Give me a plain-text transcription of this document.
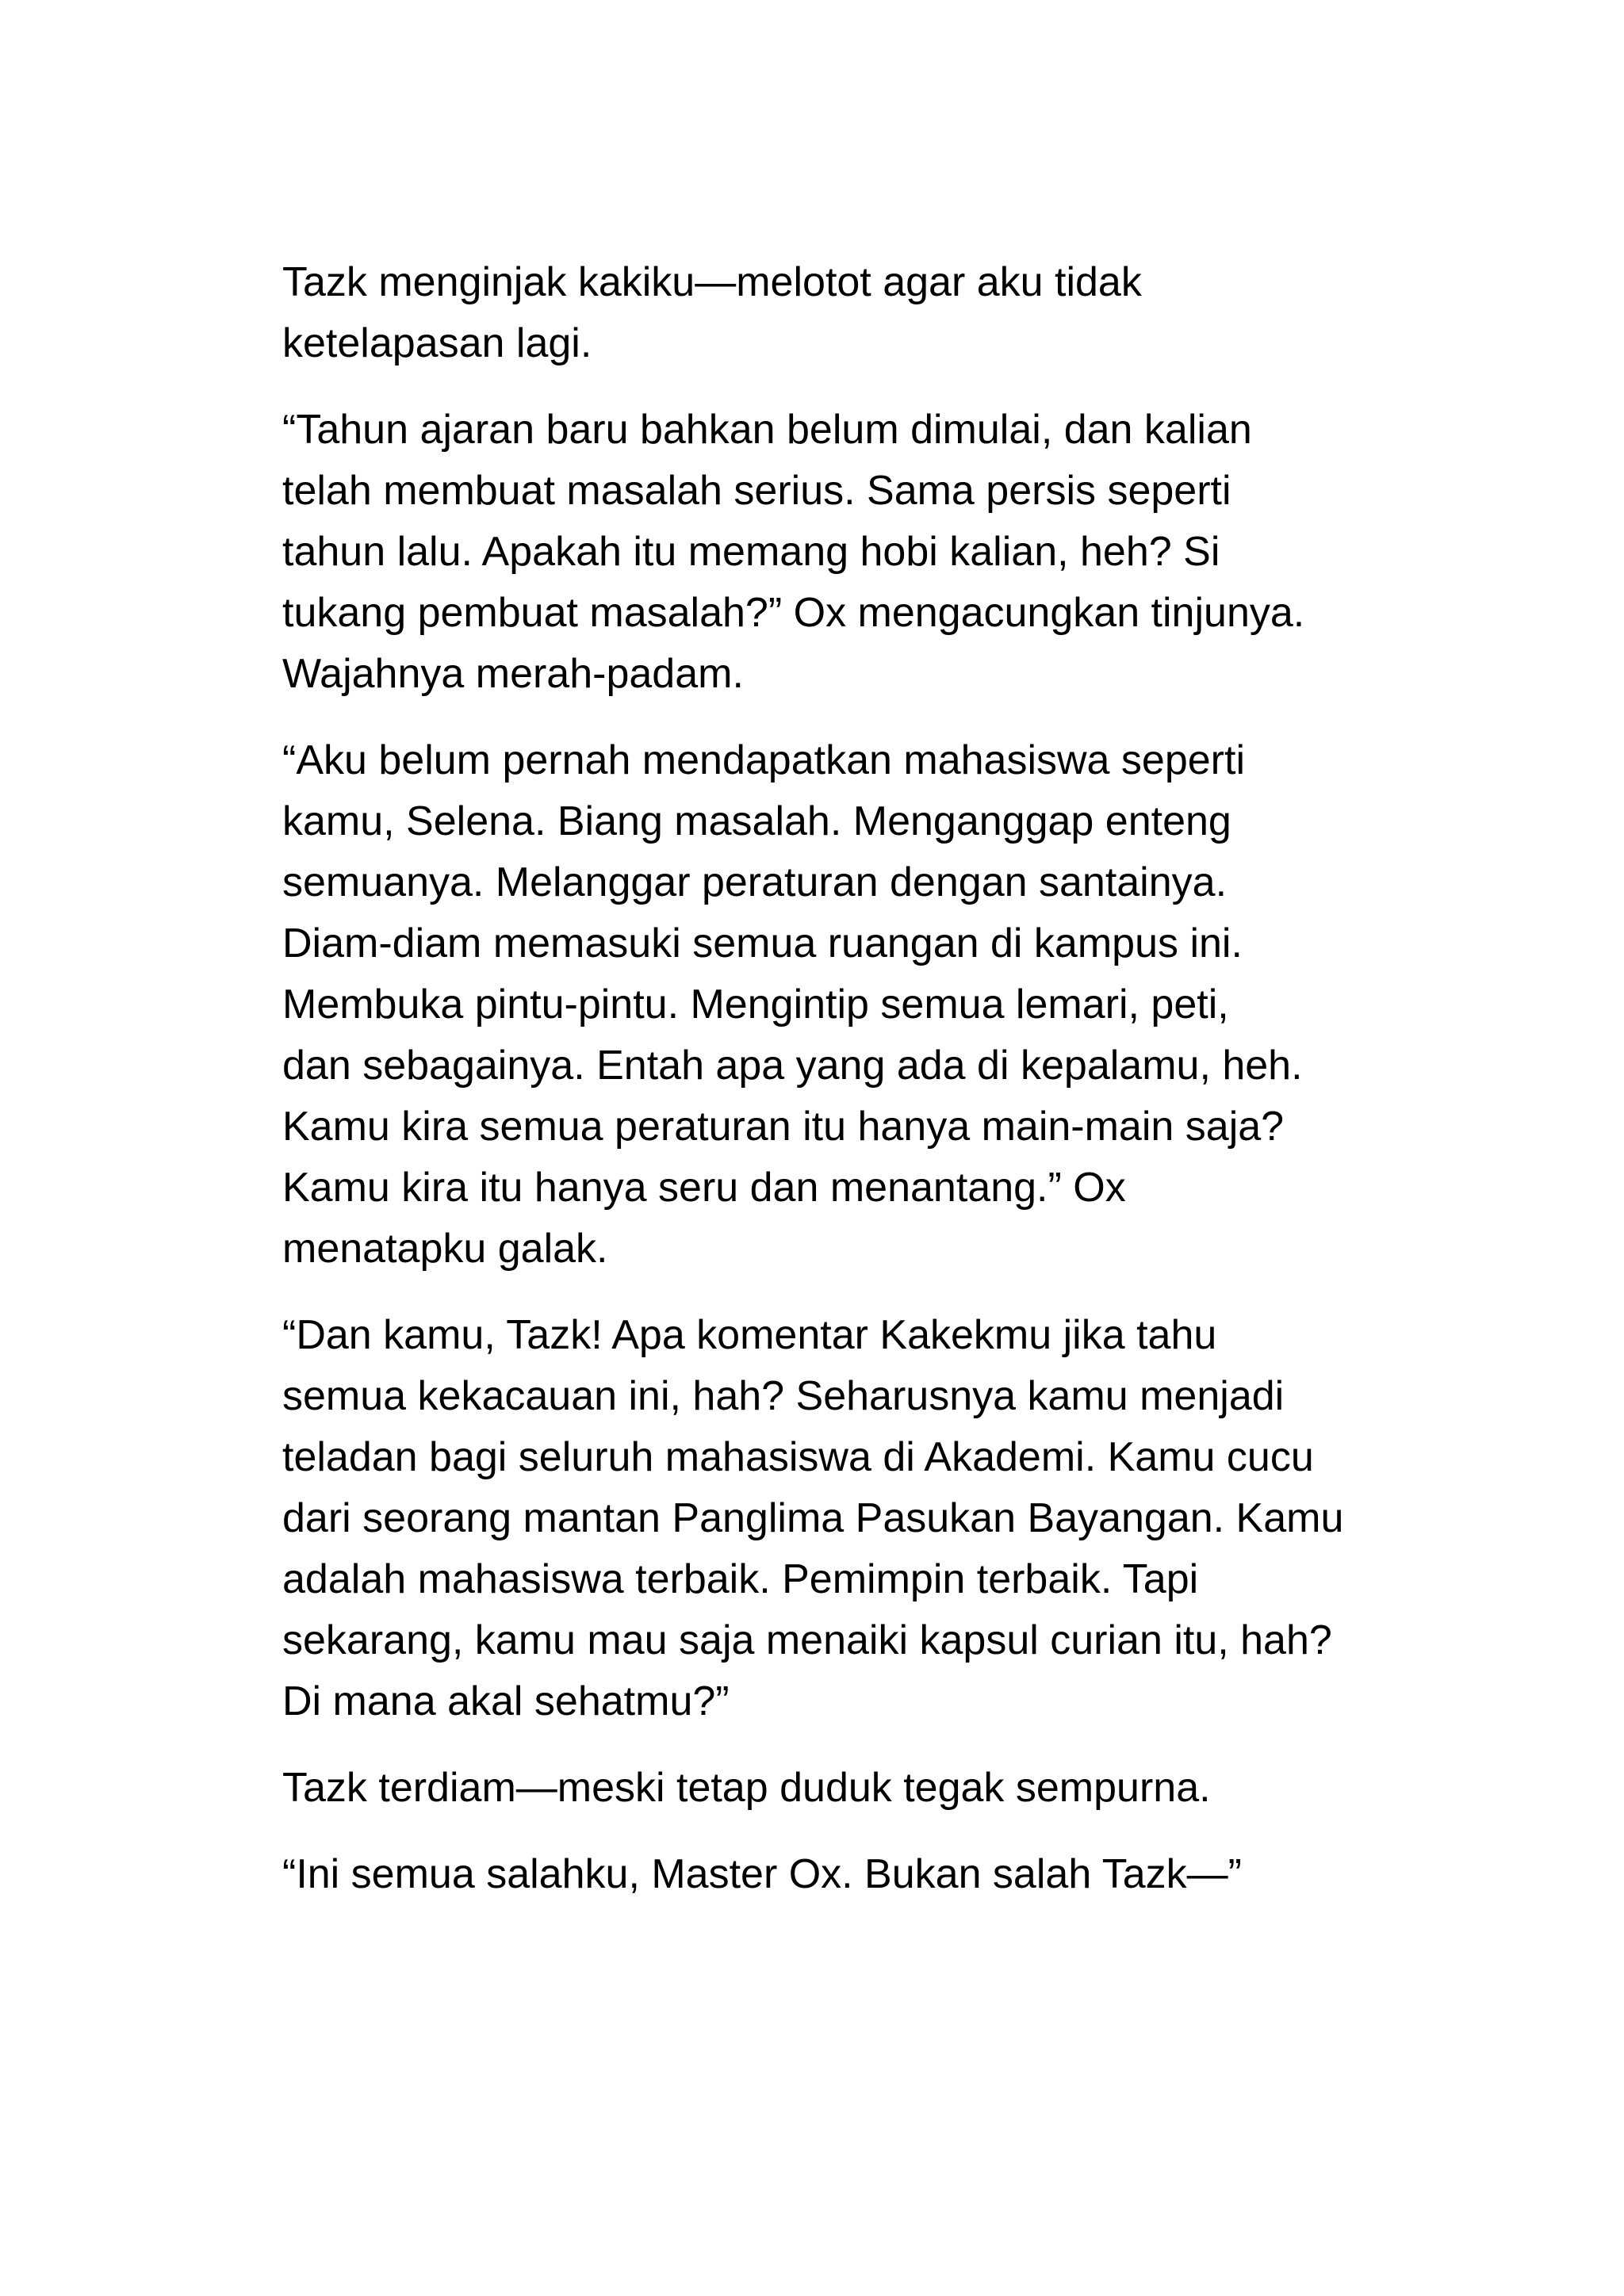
Tazk menginjak kakiku—melotot agar aku tidak
ketelapasan lagi.

“Tahun ajaran baru bahkan belum dimulai, dan kalian
telah membuat masalah serius. Sama persis seperti
tahun lalu. Apakah itu memang hobi kalian, heh? Si
tukang pembuat masalah?” Ox mengacungkan tinjunya.
Wajahnya merah-padam.

“Aku belum pernah mendapatkan mahasiswa seperti
kamu, Selena. Biang masalah. Menganggap enteng
semuanya. Melanggar peraturan dengan santainya.
Diam-diam memasuki semua ruangan di kampus ini.
Membuka pintu-pintu. Mengintip semua lemari, peti,
dan sebagainya. Entah apa yang ada di kepalamu, heh.
Kamu kira semua peraturan itu hanya main-main saja?
Kamu kira itu hanya seru dan menantang.” Ox
menatapku galak.

“Dan kamu, Tazk! Apa komentar Kakekmu jika tahu
semua kekacauan ini, hah? Seharusnya kamu menjadi
teladan bagi seluruh mahasiswa di Akademi. Kamu cucu
dari seorang mantan Panglima Pasukan Bayangan. Kamu
adalah mahasiswa terbaik. Pemimpin terbaik. Tapi
sekarang, kamu mau saja menaiki kapsul curian itu, hah?
Di mana akal sehatmu?”

Tazk terdiam—meski tetap duduk tegak sempurna.

“Ini semua salahku, Master Ox. Bukan salah Tazk—”
